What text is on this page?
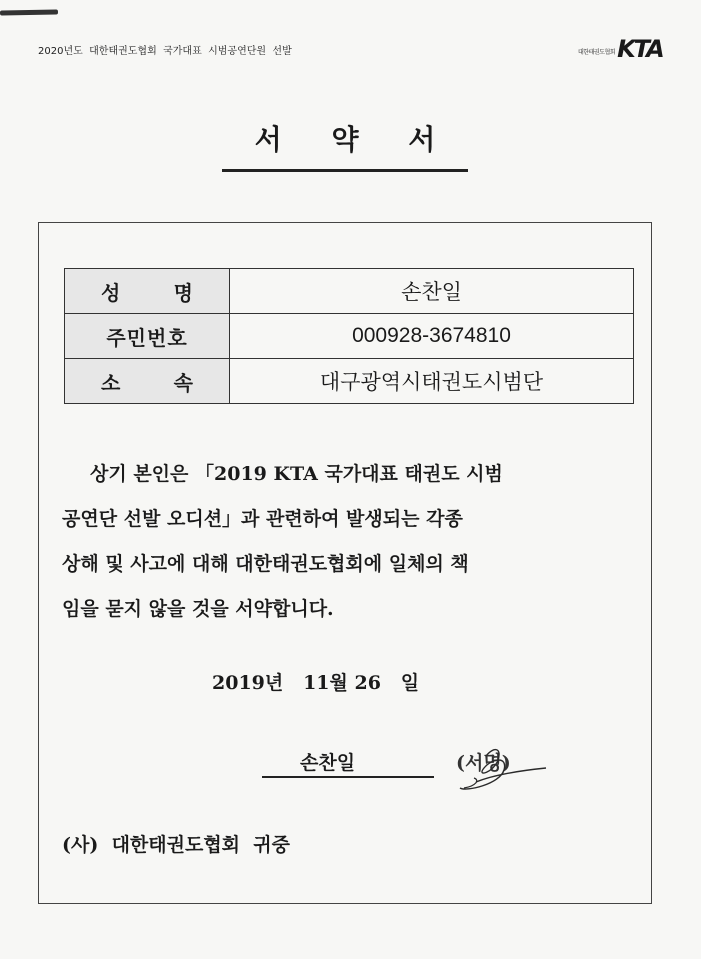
2020년도  대한태권도협회  국가대표  시범공연단원  선발	대한태권도협회 KTA
서 약 서
성 명	손찬일
주민번호	000928-3674810

소 속	대구광역시태권도시범단
상기 본인은 「2019 KTA 국가대표 태권도 시범
공연단 선발 오디션」과 관련하여 발생되는 각종
상해 및 사고에 대해 대한태권도협회에 일체의 책
임을 묻지 않을 것을 서약합니다.
2019년   11월 26   일
손찬일	(서명)
(사)  대한태권도협회  귀중
